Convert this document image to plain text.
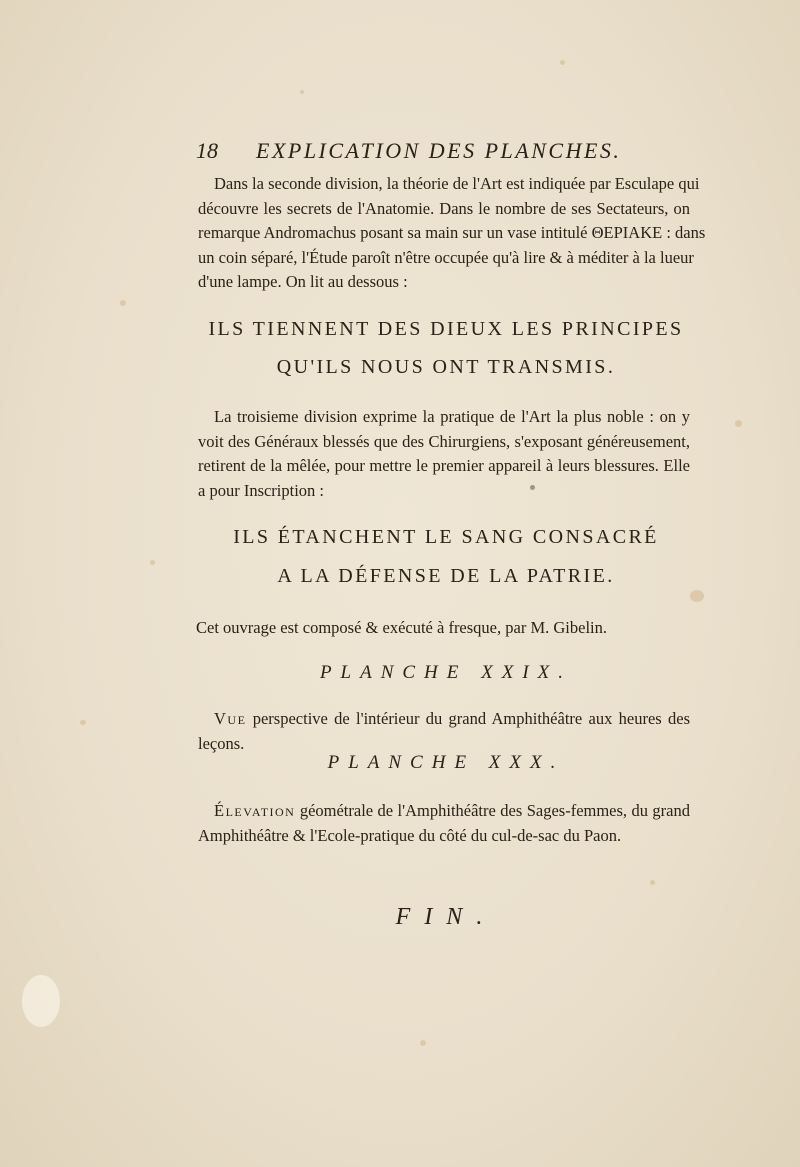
18 EXPLICATION DES PLANCHES.
Dans la seconde division, la théorie de l'Art est indiquée par Esculape qui
découvre les secrets de l'Anatomie. Dans le nombre de ses Sectateurs, on
remarque Andromachus posant sa main sur un vase intitulé ΘΕΡΙΑΚΕ : dans
un coin séparé, l'Étude paroît n'être occupée qu'à lire & à méditer à la lueur
d'une lampe. On lit au dessous :
ILS TIENNENT DES DIEUX LES PRINCIPES
QU'ILS NOUS ONT TRANSMIS.
La troisieme division exprime la pratique de l'Art la plus noble : on y
voit des Généraux blessés que des Chirurgiens, s'exposant généreusement,
retirent de la mêlée, pour mettre le premier appareil à leurs blessures. Elle
a pour Inscription :
ILS ÉTANCHENT LE SANG CONSACRÉ
A LA DÉFENSE DE LA PATRIE.
Cet ouvrage est composé & exécuté à fresque, par M. Gibelin.
PLANCHE XXIX.
Vue perspective de l'intérieur du grand Amphithéâtre aux heures des
leçons.
PLANCHE XXX.
Élevation géométrale de l'Amphithéâtre des Sages-femmes, du grand
Amphithéâtre & l'Ecole-pratique du côté du cul-de-sac du Paon.
FIN.
